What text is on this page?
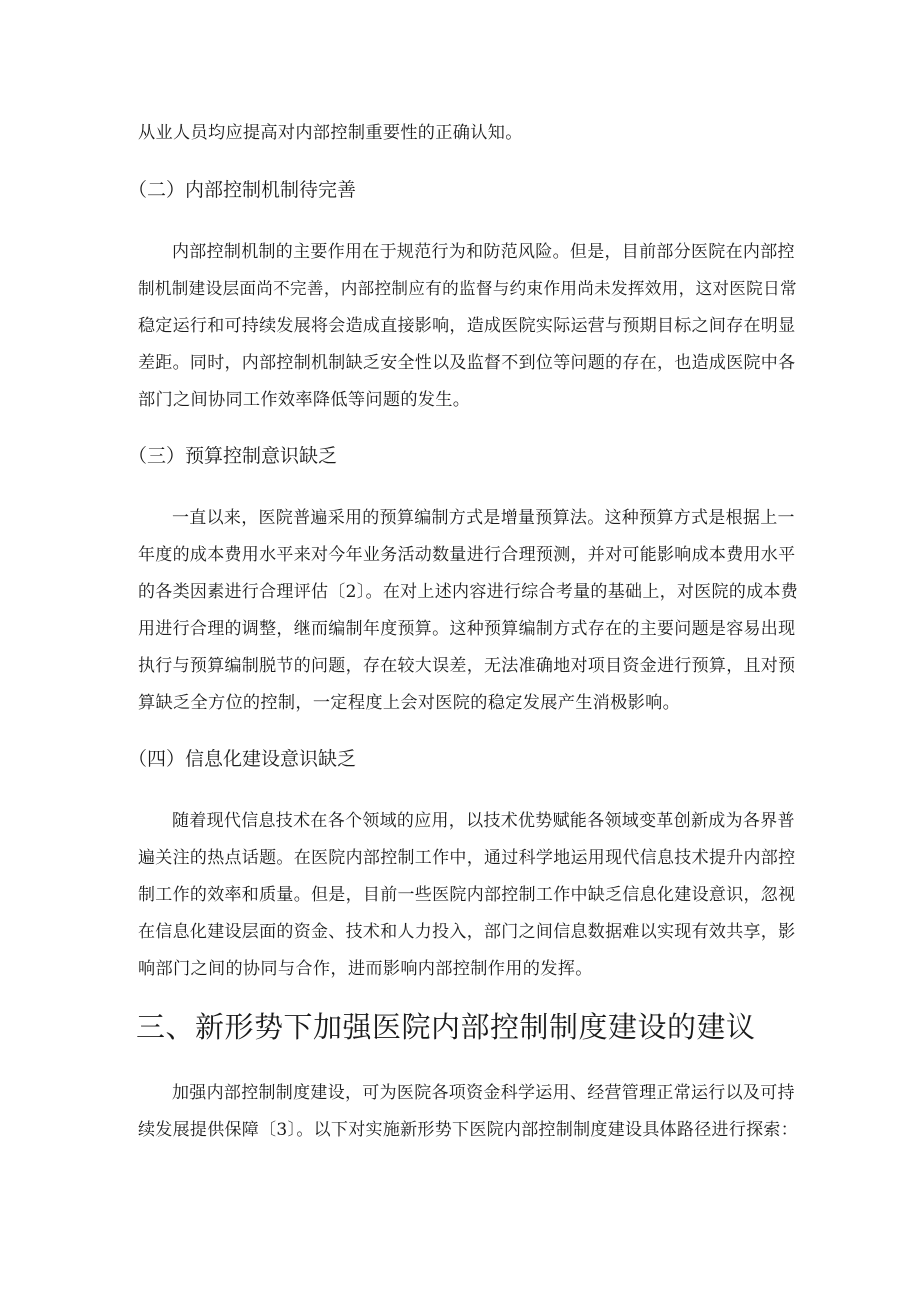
从业人员均应提高对内部控制重要性的正确认知。
（二）内部控制机制待完善
内部控制机制的主要作用在于规范行为和防范风险。但是，目前部分医院在内部控
制机制建设层面尚不完善，内部控制应有的监督与约束作用尚未发挥效用，这对医院日常
稳定运行和可持续发展将会造成直接影响，造成医院实际运营与预期目标之间存在明显
差距。同时，内部控制机制缺乏安全性以及监督不到位等问题的存在，也造成医院中各
部门之间协同工作效率降低等问题的发生。
（三）预算控制意识缺乏
一直以来，医院普遍采用的预算编制方式是增量预算法。这种预算方式是根据上一
年度的成本费用水平来对今年业务活动数量进行合理预测，并对可能影响成本费用水平
的各类因素进行合理评估〔2〕。在对上述内容进行综合考量的基础上，对医院的成本费
用进行合理的调整，继而编制年度预算。这种预算编制方式存在的主要问题是容易出现
执行与预算编制脱节的问题，存在较大误差，无法准确地对项目资金进行预算，且对预
算缺乏全方位的控制，一定程度上会对医院的稳定发展产生消极影响。
（四）信息化建设意识缺乏
随着现代信息技术在各个领域的应用，以技术优势赋能各领域变革创新成为各界普
遍关注的热点话题。在医院内部控制工作中，通过科学地运用现代信息技术提升内部控
制工作的效率和质量。但是，目前一些医院内部控制工作中缺乏信息化建设意识，忽视
在信息化建设层面的资金、技术和人力投入，部门之间信息数据难以实现有效共享，影
响部门之间的协同与合作，进而影响内部控制作用的发挥。
三、新形势下加强医院内部控制制度建设的建议
加强内部控制制度建设，可为医院各项资金科学运用、经营管理正常运行以及可持
续发展提供保障〔3〕。以下对实施新形势下医院内部控制制度建设具体路径进行探索：
